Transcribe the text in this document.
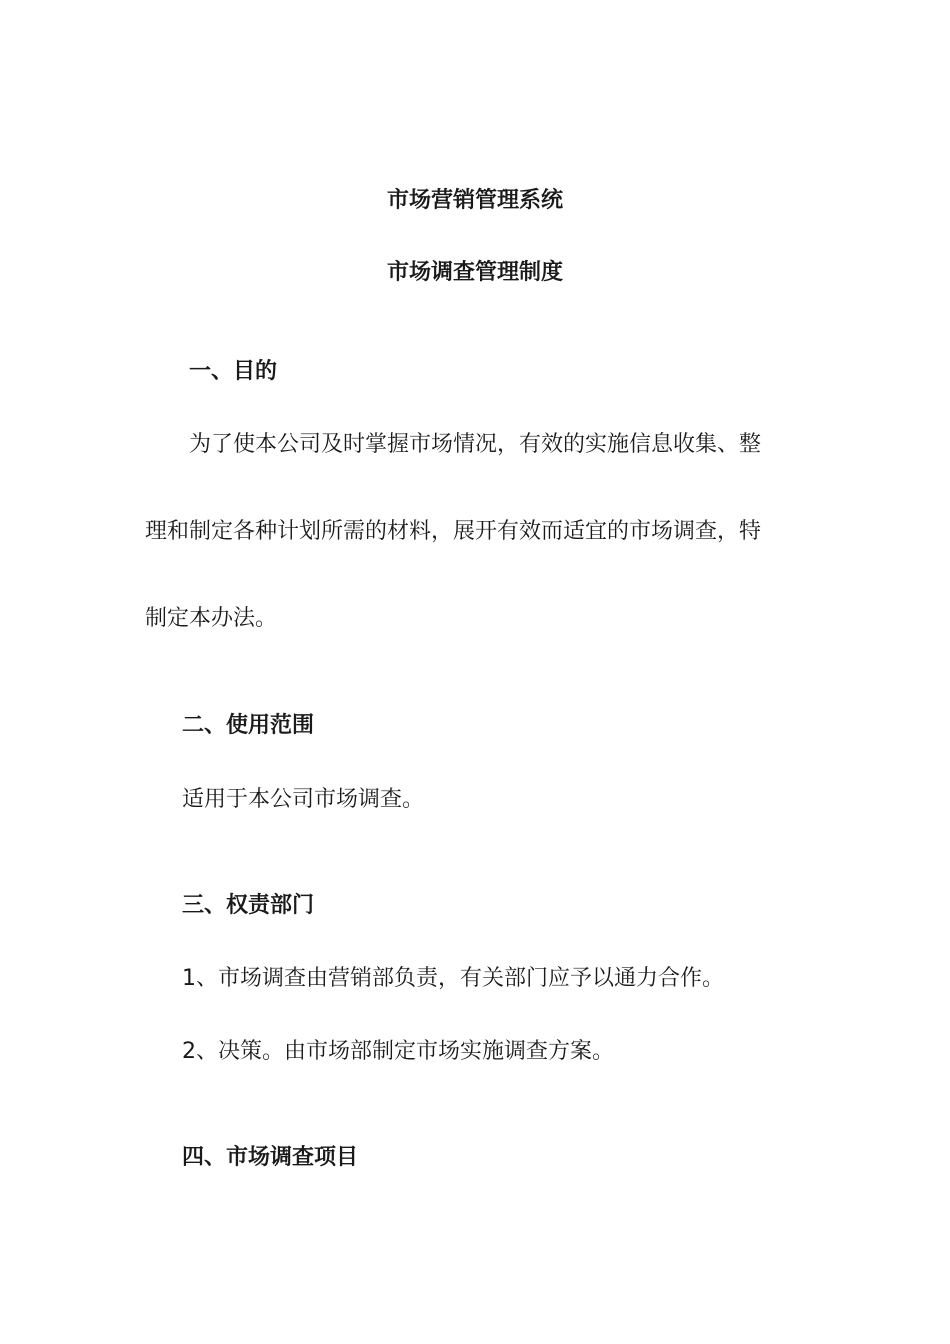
市场营销管理系统
市场调查管理制度
一、目的
为了使本公司及时掌握市场情况，有效的实施信息收集、整
理和制定各种计划所需的材料，展开有效而适宜的市场调查，特
制定本办法。
二、使用范围
适用于本公司市场调查。
三、权责部门
1、市场调查由营销部负责，有关部门应予以通力合作。
2、决策。由市场部制定市场实施调查方案。
四、市场调查项目
